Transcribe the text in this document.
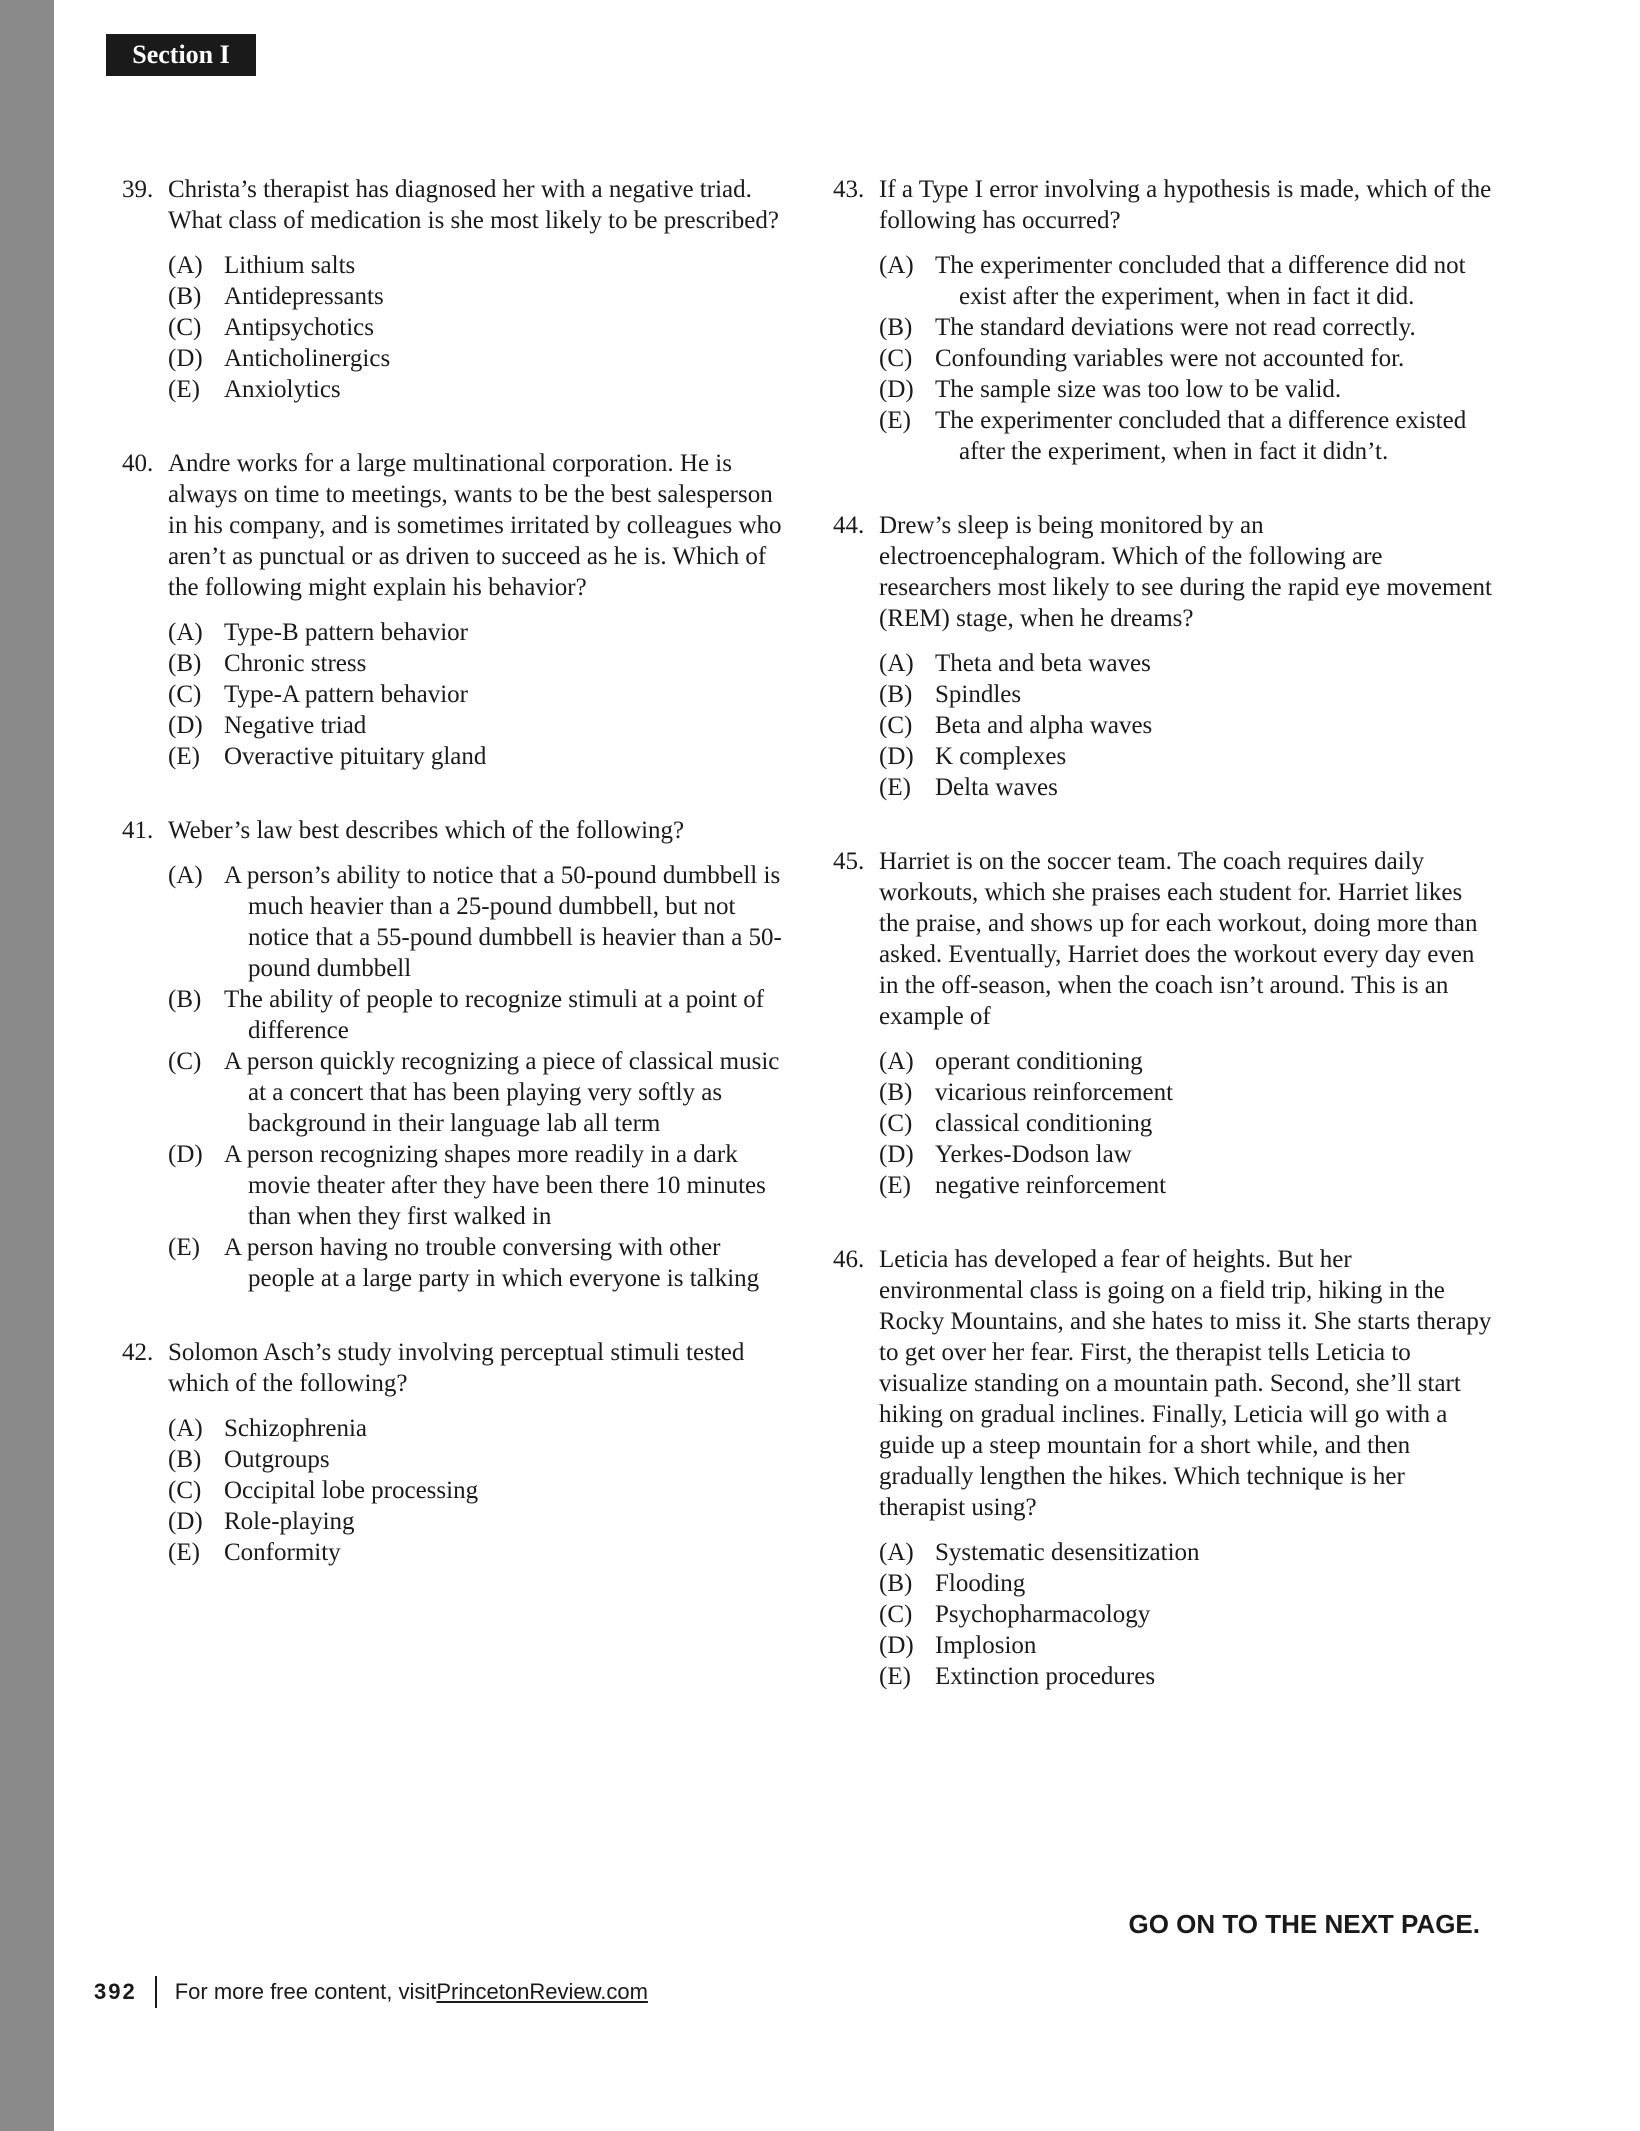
Section I
39. Christa’s therapist has diagnosed her with a negative triad. What class of medication is she most likely to be prescribed?
(A) Lithium salts
(B) Antidepressants
(C) Antipsychotics
(D) Anticholinergics
(E) Anxiolytics
40. Andre works for a large multinational corporation. He is always on time to meetings, wants to be the best salesperson in his company, and is sometimes irritated by colleagues who aren’t as punctual or as driven to succeed as he is. Which of the following might explain his behavior?
(A) Type-B pattern behavior
(B) Chronic stress
(C) Type-A pattern behavior
(D) Negative triad
(E) Overactive pituitary gland
41. Weber’s law best describes which of the following?
(A) A person’s ability to notice that a 50-pound dumbbell is much heavier than a 25-pound dumbbell, but not notice that a 55-pound dumbbell is heavier than a 50-pound dumbbell
(B) The ability of people to recognize stimuli at a point of difference
(C) A person quickly recognizing a piece of classical music at a concert that has been playing very softly as background in their language lab all term
(D) A person recognizing shapes more readily in a dark movie theater after they have been there 10 minutes than when they first walked in
(E) A person having no trouble conversing with other people at a large party in which everyone is talking
42. Solomon Asch’s study involving perceptual stimuli tested which of the following?
(A) Schizophrenia
(B) Outgroups
(C) Occipital lobe processing
(D) Role-playing
(E) Conformity
43. If a Type I error involving a hypothesis is made, which of the following has occurred?
(A) The experimenter concluded that a difference did not exist after the experiment, when in fact it did.
(B) The standard deviations were not read correctly.
(C) Confounding variables were not accounted for.
(D) The sample size was too low to be valid.
(E) The experimenter concluded that a difference existed after the experiment, when in fact it didn’t.
44. Drew’s sleep is being monitored by an electroencephalogram. Which of the following are researchers most likely to see during the rapid eye movement (REM) stage, when he dreams?
(A) Theta and beta waves
(B) Spindles
(C) Beta and alpha waves
(D) K complexes
(E) Delta waves
45. Harriet is on the soccer team. The coach requires daily workouts, which she praises each student for. Harriet likes the praise, and shows up for each workout, doing more than asked. Eventually, Harriet does the workout every day even in the off-season, when the coach isn’t around. This is an example of
(A) operant conditioning
(B) vicarious reinforcement
(C) classical conditioning
(D) Yerkes-Dodson law
(E) negative reinforcement
46. Leticia has developed a fear of heights. But her environmental class is going on a field trip, hiking in the Rocky Mountains, and she hates to miss it. She starts therapy to get over her fear. First, the therapist tells Leticia to visualize standing on a mountain path. Second, she’ll start hiking on gradual inclines. Finally, Leticia will go with a guide up a steep mountain for a short while, and then gradually lengthen the hikes. Which technique is her therapist using?
(A) Systematic desensitization
(B) Flooding
(C) Psychopharmacology
(D) Implosion
(E) Extinction procedures
GO ON TO THE NEXT PAGE.
392 For more free content, visit PrincetonReview.com
